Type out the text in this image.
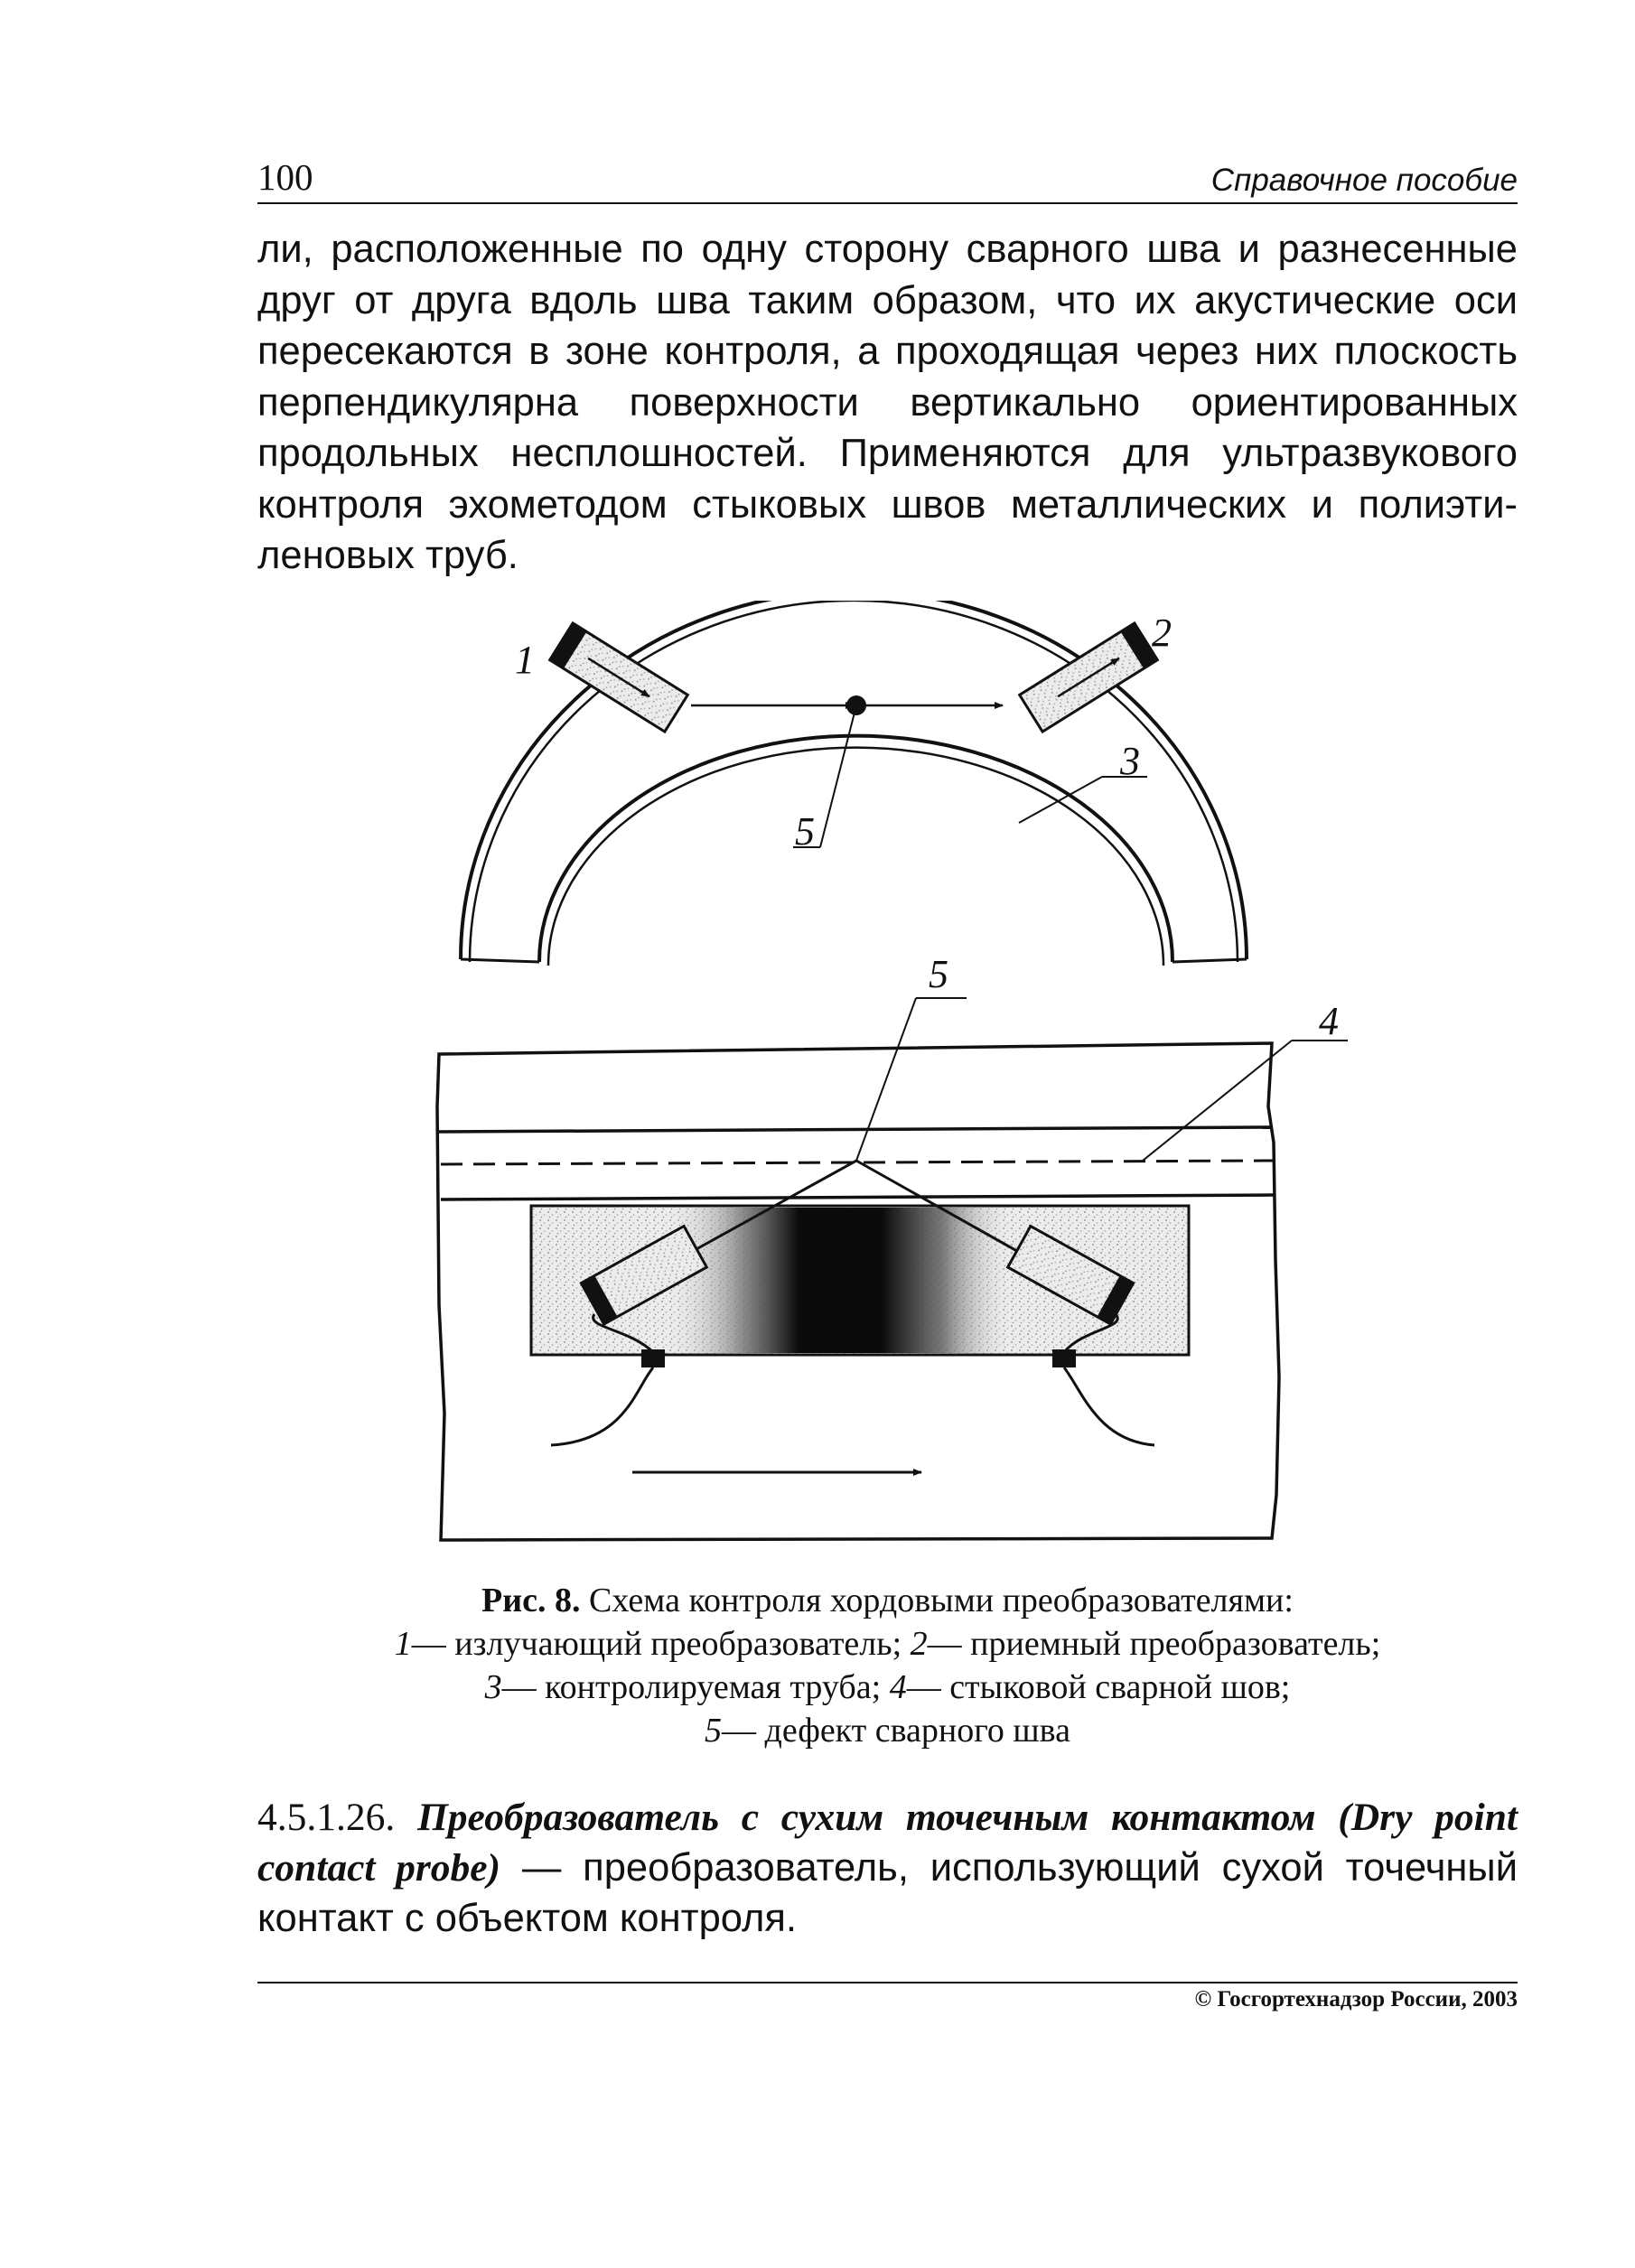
100	Справочное пособие

ли, расположенные по одну сторону сварного шва и разнесенные друг от друга вдоль шва таким образом, что их акустические оси пересекаются в зоне контроля, а проходящая через них плоскость перпендикулярна поверхности вертикально ориентированных продольных несплошностей. Применяются для ультразвукового контроля эхометодом стыковых швов металлических и полиэти-леновых труб.

1
2
3
5
5
4

Рис. 8. Схема контроля хордовыми преобразователями:
1— излучающий преобразователь; 2— приемный преобразователь;
3— контролируемая труба; 4— стыковой сварной шов;
5— дефект сварного шва

4.5.1.26. Преобразователь с сухим точечным контактом (Dry point contact probe) — преобразователь, использующий сухой точечный контакт с объектом контроля.

© Госгортехнадзор России, 2003
